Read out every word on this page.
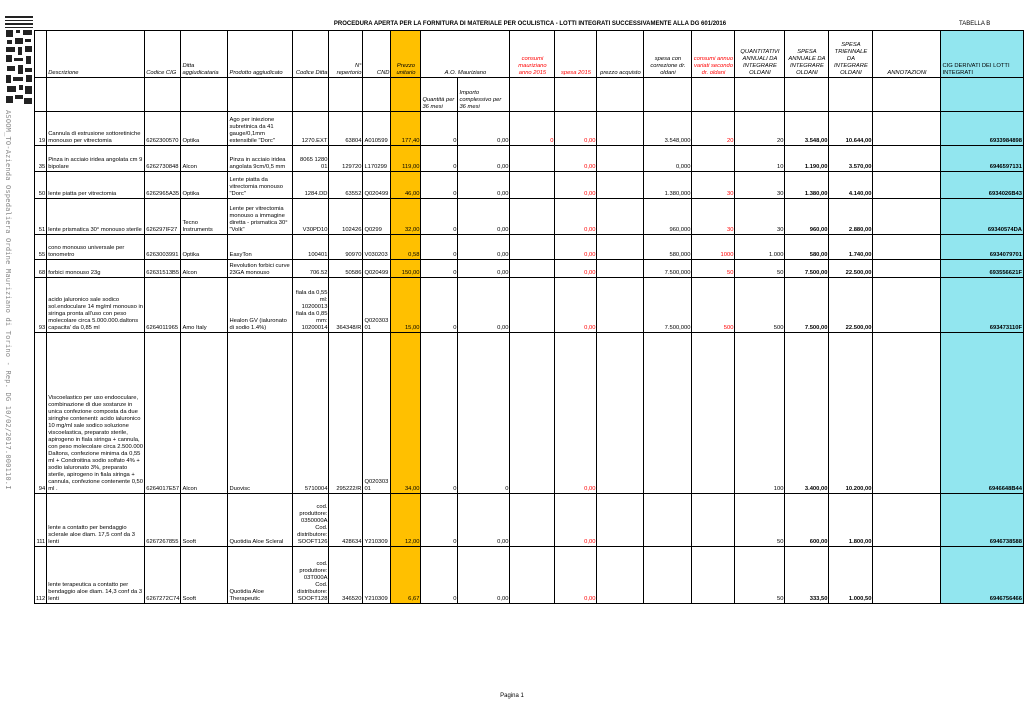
ASOOM_TO-Azienda Ospedaliera Ordine Mauriziano di Torino - Rep. DG 10/02/2017.000110.I
PROCEDURA APERTA PER LA FORNITURA DI MATERIALE PER OCULISTICA - LOTTI INTEGRATI SUCCESSIVAMENTE ALLA DG 601/2016	TABELLA B
	Descrizione	Codice CIG	Ditta aggiudicataria	Prodotto aggiudicato	Codice Ditta	N° repertorio	CND	Prezzo unitario	A.O. Mauriziano		consumi mauriziano anno 2015	spesa 2015	prezzo acquisto	spesa con correzione dr. oldani	consumi annuo variati secondo dr. oldani	QUANTITATIVI ANNUALI DA INTEGRARE OLDANI	SPESA ANNUALE DA INTEGRARE OLDANI	SPESA TRIENNALE DA INTEGRARE OLDANI	ANNOTAZIONI	CIG DERIVATI DEI LOTTI INTEGRATI
									Quantità per 36 mesi	Importo complessivo per 36 mesi										
19	Cannula di estrusione sottoretiniche monouso per vitrectomia	6262300570	Optika	Ago per iniezione subretinica da 41 gauge/0,1mm estensibile "Dorc"	1270.EXT	63804	A010599	177,40	0	0,00	0	0,00		3.548,000	20	20	3.548,00	10.644,00		6933984898
35	Pinza in acciaio iridea angolata cm 9 bipolare	6262730848	Alcon	Pinza in acciaio iridea angolata 9cm/0,5 mm	8065 1280 01	129720	L170299	119,00	0	0,00		0,00		0,000		10	1.190,00	3.570,00		6946597131
50	lente piatta per vitrectomia	6262965A35	Optika	Lente piatta da vitrectomia monouso "Dorc"	1284.DD	63552	Q020499	46,00	0	0,00		0,00		1.380,000	30	30	1.380,00	4.140,00		6934026B43
51	lente prismatica 30° monouso sterile	626297IF27	Tecno Instruments	Lente per vitrectomia monouso a immagine diretta - prismatica 30° "Volk"	V30PD10	102426	Q0299	32,00	0	0,00		0,00		960,000	30	30	960,00	2.880,00		69340574DA
55	cono monouso universale per tonometro	6263003991	Optika	EasyTon	100401	90970	V030203	0,58	0	0,00		0,00		580,000	1000	1.000	580,00	1.740,00		6934079701
68	forbici monouso 23g	62631513B5	Alcon	Revolution forbici curve 23GA monouso	706.52	50586	Q020499	150,00	0	0,00		0,00		7.500,000	50	50	7.500,00	22.500,00		693556621F
93	acido jaluronico sale sodico sol.endoculare 14 mg/ml monouso in siringa pronta all'uso con peso molecolare circa 5.000.000.daltons capacita' da 0,85 ml	6264011965	Amo Italy	Healon GV (ialuronato di sodio 1.4%)	fiala da 0,55 ml: 10200013 fiala da 0,85 mm: 10200014	364348/R	Q020303 01	15,00	0	0,00		0,00		7.500,000	500	500	7.500,00	22.500,00		693473110F
94	Viscoelastico per uso endooculare, combinazione di due sostanze in unica confezione composta da due siringhe contenenti: acido ialuronico 10 mg/ml sale sodico soluzione viscoelastica, preparato sterile, apirogeno in fiala siringa + cannula, con peso molecolare circa 2.500.000 Daltons, confezione minima da 0,55 ml + Condroitina sodio solfato 4% + sodio ialuronato 3%, preparato sterile, apirogeno in fiala siringa + cannula, confezione contenente 0,50 ml .	6264017E57	Alcon	Duovisc	5710004	295222/R	Q020303 01	34,00	0	0		0,00				100	3.400,00	10.200,00		6946648B44
111	lente a contatto per bendaggio sclerale aloe diam. 17,5 conf da 3 lenti	6267267855	Sooft	Quotidia Aloe Scleral	cod. produttore: 0350000A Cod. distributore: SOOFT126	428634	Y210309	12,00	0	0,00		0,00				50	600,00	1.800,00		6946738588
112	lente terapeutica a contatto per bendaggio aloe diam. 14,3 conf da 3 lenti	6267272C74	Sooft	Quotidia Aloe Therapeutic	cod. produttore: 03T000A Cod. distributore: SOOFT128	346520	Y210309	6,67	0	0,00		0,00				50	333,50	1.000,50		6946756466
Pagina 1
